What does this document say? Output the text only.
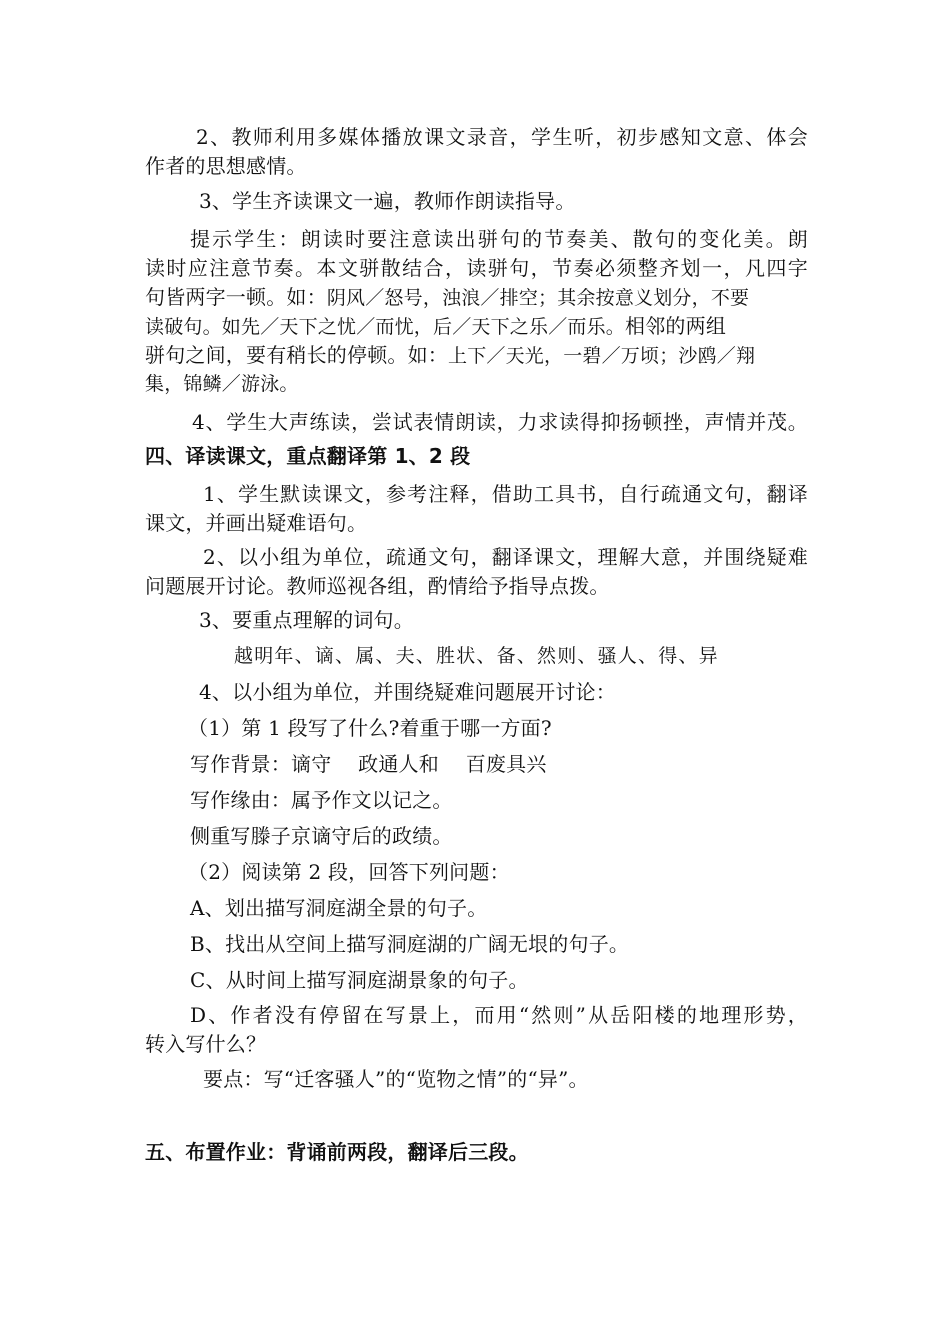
2、教师利用多媒体播放课文录音，学生听，初步感知文意、体会
作者的思想感情。
3、学生齐读课文一遍，教师作朗读指导。
提示学生：朗读时要注意读出骈句的节奏美、散句的变化美。朗
读时应注意节奏。本文骈散结合，读骈句，节奏必须整齐划一，凡四字
句皆两字一顿。如：阴风／怒号，浊浪／排空；其余按意义划分，不要
读破句。如先／天下之忧／而忧，后／天下之乐／而乐。相邻的两组
骈句之间，要有稍长的停顿。如：上下／天光，一碧／万顷；沙鸥／翔
集，锦鳞／游泳。
4、学生大声练读，尝试表情朗读，力求读得抑扬顿挫，声情并茂。
四、译读课文，重点翻译第 1、2 段
1、学生默读课文，参考注释，借助工具书，自行疏通文句，翻译
课文，并画出疑难语句。
2、以小组为单位，疏通文句，翻译课文，理解大意，并围绕疑难
问题展开讨论。教师巡视各组，酌情给予指导点拨。
3、要重点理解的词句。
越明年、谪、属、夫、胜状、备、然则、骚人、得、异
4、以小组为单位，并围绕疑难问题展开讨论：
（1）第 1 段写了什么?着重于哪一方面?
写作背景：谪守　 政通人和　 百废具兴
写作缘由：属予作文以记之。
侧重写滕子京谪守后的政绩。
（2）阅读第 2 段，回答下列问题：
A、划出描写洞庭湖全景的句子。
B、找出从空间上描写洞庭湖的广阔无垠的句子。
C、从时间上描写洞庭湖景象的句子。
D、作者没有停留在写景上，而用“然则”从岳阳楼的地理形势，
转入写什么？
要点：写“迁客骚人”的“览物之情”的“异”。
五、布置作业：背诵前两段，翻译后三段。
